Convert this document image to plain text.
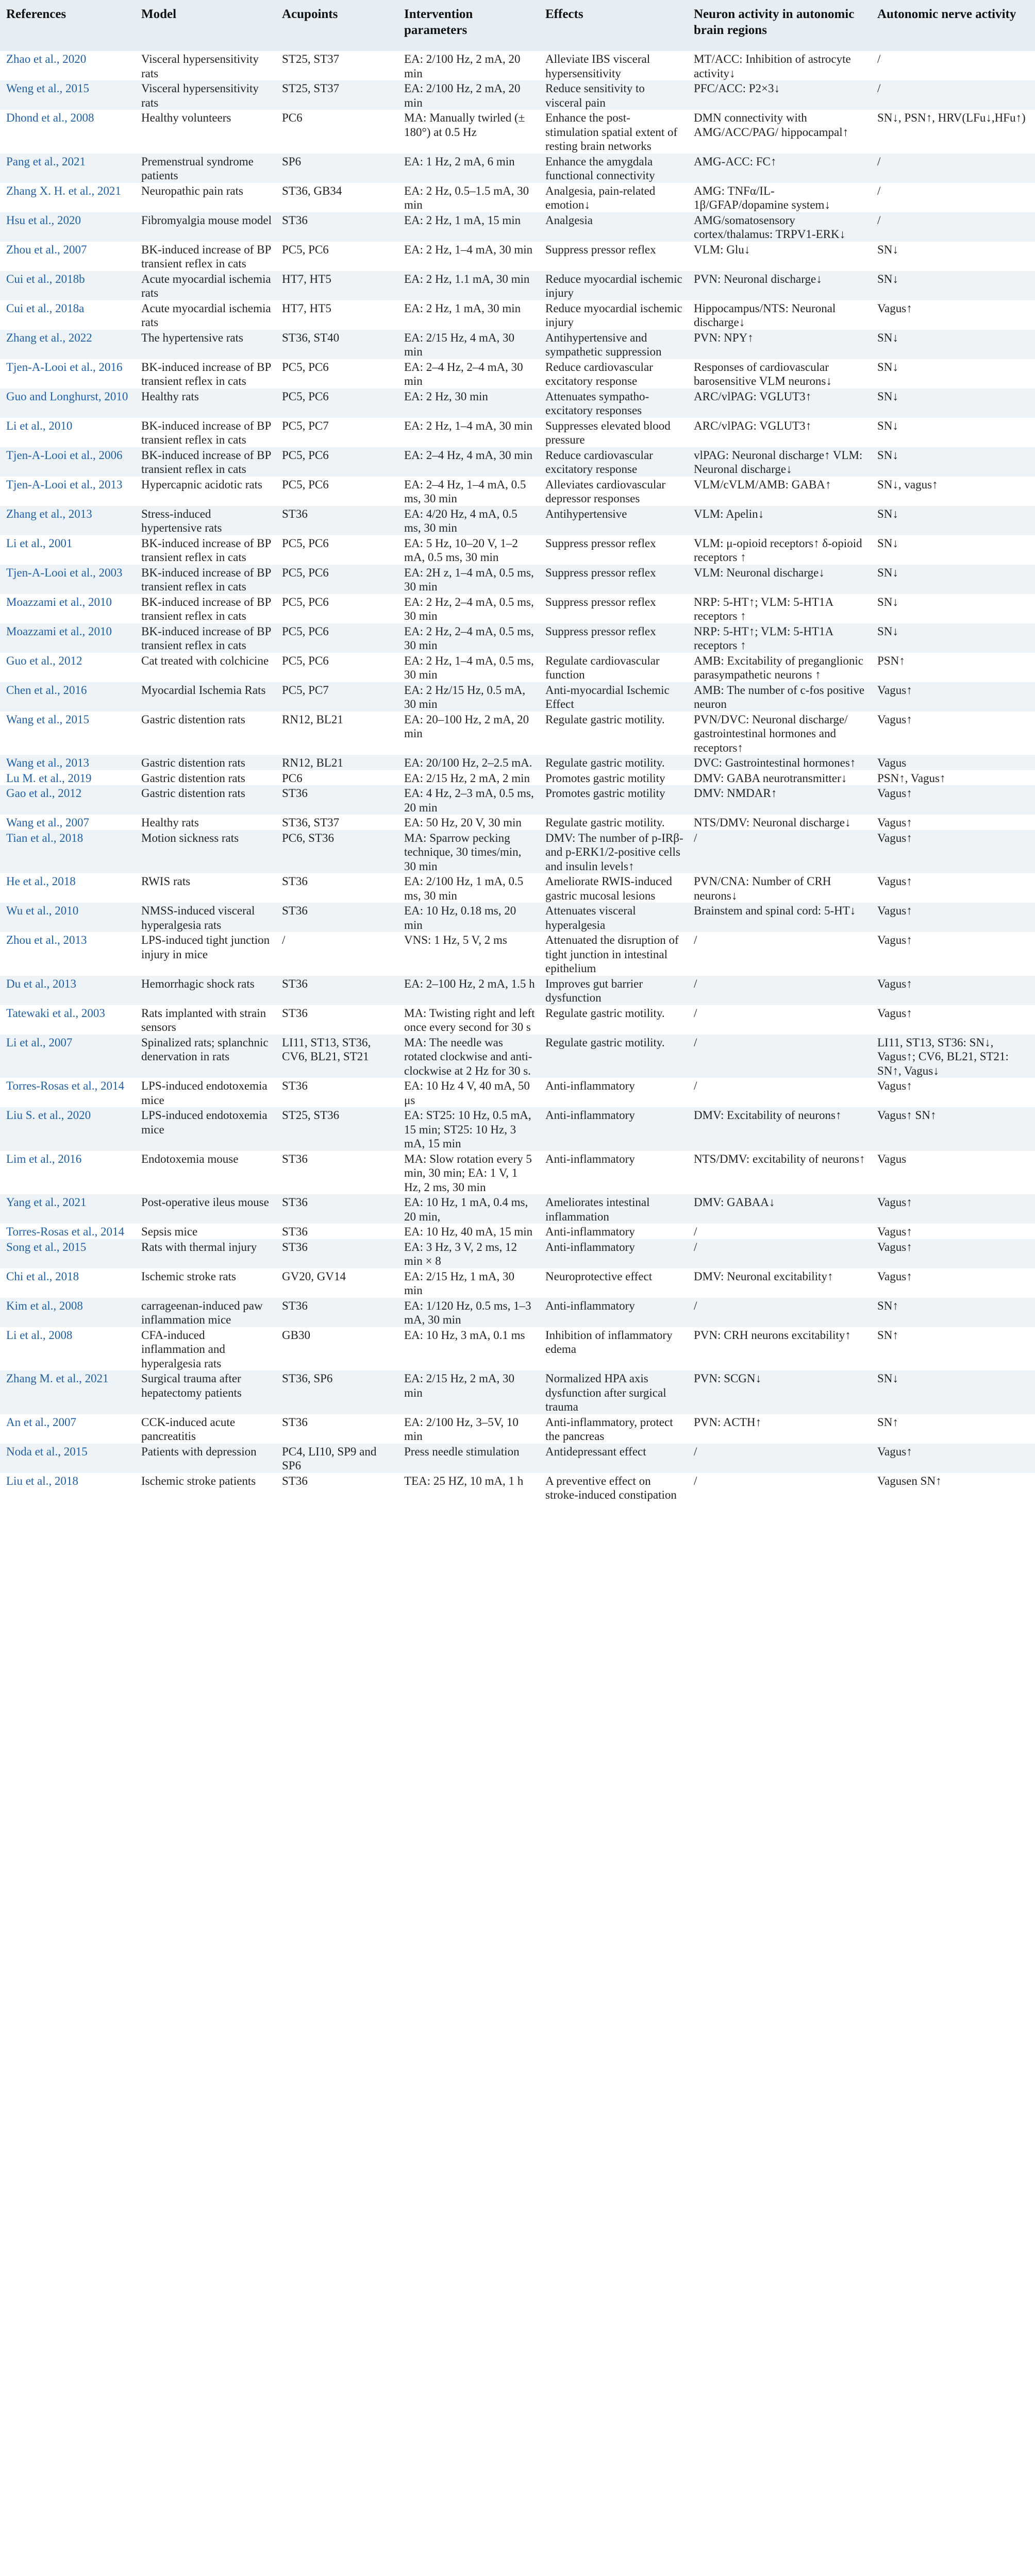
References	Model	Acupoints	Intervention parameters	Effects	Neuron activity in autonomic brain regions	Autonomic nerve activity
Zhao et al., 2020	Visceral hypersensitivity rats	ST25, ST37	EA: 2/100 Hz, 2 mA, 20 min	Alleviate IBS visceral hypersensitivity	MT/ACC: Inhibition of astrocyte activity↓	/
Weng et al., 2015	Visceral hypersensitivity rats	ST25, ST37	EA: 2/100 Hz, 2 mA, 20 min	Reduce sensitivity to visceral pain	PFC/ACC: P2×3↓	/
Dhond et al., 2008	Healthy volunteers	PC6	MA: Manually twirled (± 180°) at 0.5 Hz	Enhance the post-stimulation spatial extent of resting brain networks	DMN connectivity with AMG/ACC/PAG/ hippocampal↑	SN↓, PSN↑, HRV(LFu↓,HFu↑)
Pang et al., 2021	Premenstrual syndrome patients	SP6	EA: 1 Hz, 2 mA, 6 min	Enhance the amygdala functional connectivity	AMG-ACC: FC↑	/
Zhang X. H. et al., 2021	Neuropathic pain rats	ST36, GB34	EA: 2 Hz, 0.5–1.5 mA, 30 min	Analgesia, pain-related emotion↓	AMG: TNFα/IL-1β/GFAP/dopamine system↓	/
Hsu et al., 2020	Fibromyalgia mouse model	ST36	EA: 2 Hz, 1 mA, 15 min	Analgesia	AMG/somatosensory cortex/thalamus: TRPV1-ERK↓	/
Zhou et al., 2007	BK-induced increase of BP transient reflex in cats	PC5, PC6	EA: 2 Hz, 1–4 mA, 30 min	Suppress pressor reflex	VLM: Glu↓	SN↓
Cui et al., 2018b	Acute myocardial ischemia rats	HT7, HT5	EA: 2 Hz, 1.1 mA, 30 min	Reduce myocardial ischemic injury	PVN: Neuronal discharge↓	SN↓
Cui et al., 2018a	Acute myocardial ischemia rats	HT7, HT5	EA: 2 Hz, 1 mA, 30 min	Reduce myocardial ischemic injury	Hippocampus/NTS: Neuronal discharge↓	Vagus↑
Zhang et al., 2022	The hypertensive rats	ST36, ST40	EA: 2/15 Hz, 4 mA, 30 min	Antihypertensive and sympathetic suppression	PVN: NPY↑	SN↓
Tjen-A-Looi et al., 2016	BK-induced increase of BP transient reflex in cats	PC5, PC6	EA: 2–4 Hz, 2–4 mA, 30 min	Reduce cardiovascular excitatory response	Responses of cardiovascular barosensitive VLM neurons↓	SN↓
Guo and Longhurst, 2010	Healthy rats	PC5, PC6	EA: 2 Hz, 30 min	Attenuates sympatho-excitatory responses	ARC/vlPAG: VGLUT3↑	SN↓
Li et al., 2010	BK-induced increase of BP transient reflex in cats	PC5, PC7	EA: 2 Hz, 1–4 mA, 30 min	Suppresses elevated blood pressure	ARC/vlPAG: VGLUT3↑	SN↓
Tjen-A-Looi et al., 2006	BK-induced increase of BP transient reflex in cats	PC5, PC6	EA: 2–4 Hz, 4 mA, 30 min	Reduce cardiovascular excitatory response	vlPAG: Neuronal discharge↑ VLM: Neuronal discharge↓	SN↓
Tjen-A-Looi et al., 2013	Hypercapnic acidotic rats	PC5, PC6	EA: 2–4 Hz, 1–4 mA, 0.5 ms, 30 min	Alleviates cardiovascular depressor responses	VLM/cVLM/AMB: GABA↑	SN↓, vagus↑
Zhang et al., 2013	Stress-induced hypertensive rats	ST36	EA: 4/20 Hz, 4 mA, 0.5 ms, 30 min	Antihypertensive	VLM: Apelin↓	SN↓
Li et al., 2001	BK-induced increase of BP transient reflex in cats	PC5, PC6	EA: 5 Hz, 10–20 V, 1–2 mA, 0.5 ms, 30 min	Suppress pressor reflex	VLM: μ-opioid receptors↑ δ-opioid receptors ↑	SN↓
Tjen-A-Looi et al., 2003	BK-induced increase of BP transient reflex in cats	PC5, PC6	EA: 2H z, 1–4 mA, 0.5 ms, 30 min	Suppress pressor reflex	VLM: Neuronal discharge↓	SN↓
Moazzami et al., 2010	BK-induced increase of BP transient reflex in cats	PC5, PC6	EA: 2 Hz, 2–4 mA, 0.5 ms, 30 min	Suppress pressor reflex	NRP: 5-HT↑; VLM: 5-HT1A receptors ↑	SN↓
Moazzami et al., 2010	BK-induced increase of BP transient reflex in cats	PC5, PC6	EA: 2 Hz, 2–4 mA, 0.5 ms, 30 min	Suppress pressor reflex	NRP: 5-HT↑; VLM: 5-HT1A receptors ↑	SN↓
Guo et al., 2012	Cat treated with colchicine	PC5, PC6	EA: 2 Hz, 1–4 mA, 0.5 ms, 30 min	Regulate cardiovascular function	AMB: Excitability of preganglionic parasympathetic neurons ↑	PSN↑
Chen et al., 2016	Myocardial Ischemia Rats	PC5, PC7	EA: 2 Hz/15 Hz, 0.5 mA, 30 min	Anti-myocardial Ischemic Effect	AMB: The number of c-fos positive neuron	Vagus↑
Wang et al., 2015	Gastric distention rats	RN12, BL21	EA: 20–100 Hz, 2 mA, 20 min	Regulate gastric motility.	PVN/DVC: Neuronal discharge/ gastrointestinal hormones and receptors↑	Vagus↑
Wang et al., 2013	Gastric distention rats	RN12, BL21	EA: 20/100 Hz, 2–2.5 mA.	Regulate gastric motility.	DVC: Gastrointestinal hormones↑	Vagus
Lu M. et al., 2019	Gastric distention rats	PC6	EA: 2/15 Hz, 2 mA, 2 min	Promotes gastric motility	DMV: GABA neurotransmitter↓	PSN↑, Vagus↑
Gao et al., 2012	Gastric distention rats	ST36	EA: 4 Hz, 2–3 mA, 0.5 ms, 20 min	Promotes gastric motility	DMV: NMDAR↑	Vagus↑
Wang et al., 2007	Healthy rats	ST36, ST37	EA: 50 Hz, 20 V, 30 min	Regulate gastric motility.	NTS/DMV: Neuronal discharge↓	Vagus↑
Tian et al., 2018	Motion sickness rats	PC6, ST36	MA: Sparrow pecking technique, 30 times/min, 30 min	DMV: The number of p-IRβ- and p-ERK1/2-positive cells and insulin levels↑	/	Vagus↑
He et al., 2018	RWIS rats	ST36	EA: 2/100 Hz, 1 mA, 0.5 ms, 30 min	Ameliorate RWIS-induced gastric mucosal lesions	PVN/CNA: Number of CRH neurons↓	Vagus↑
Wu et al., 2010	NMSS-induced visceral hyperalgesia rats	ST36	EA: 10 Hz, 0.18 ms, 20 min	Attenuates visceral hyperalgesia	Brainstem and spinal cord: 5-HT↓	Vagus↑
Zhou et al., 2013	LPS-induced tight junction injury in mice	/	VNS: 1 Hz, 5 V, 2 ms	Attenuated the disruption of tight junction in intestinal epithelium	/	Vagus↑
Du et al., 2013	Hemorrhagic shock rats	ST36	EA: 2–100 Hz, 2 mA, 1.5 h	Improves gut barrier dysfunction	/	Vagus↑
Tatewaki et al., 2003	Rats implanted with strain sensors	ST36	MA: Twisting right and left once every second for 30 s	Regulate gastric motility.	/	Vagus↑
Li et al., 2007	Spinalized rats; splanchnic denervation in rats	LI11, ST13, ST36, CV6, BL21, ST21	MA: The needle was rotated clockwise and anti-clockwise at 2 Hz for 30 s.	Regulate gastric motility.	/	LI11, ST13, ST36: SN↓, Vagus↑; CV6, BL21, ST21: SN↑, Vagus↓
Torres-Rosas et al., 2014	LPS-induced endotoxemia mice	ST36	EA: 10 Hz 4 V, 40 mA, 50 μs	Anti-inflammatory	/	Vagus↑
Liu S. et al., 2020	LPS-induced endotoxemia mice	ST25, ST36	EA: ST25: 10 Hz, 0.5 mA, 15 min; ST25: 10 Hz, 3 mA, 15 min	Anti-inflammatory	DMV: Excitability of neurons↑	Vagus↑ SN↑
Lim et al., 2016	Endotoxemia mouse	ST36	MA: Slow rotation every 5 min, 30 min; EA: 1 V, 1 Hz, 2 ms, 30 min	Anti-inflammatory	NTS/DMV: excitability of neurons↑	Vagus
Yang et al., 2021	Post-operative ileus mouse	ST36	EA: 10 Hz, 1 mA, 0.4 ms, 20 min,	Ameliorates intestinal inflammation	DMV: GABAA↓	Vagus↑
Torres-Rosas et al., 2014	Sepsis mice	ST36	EA: 10 Hz, 40 mA, 15 min	Anti-inflammatory	/	Vagus↑
Song et al., 2015	Rats with thermal injury	ST36	EA: 3 Hz, 3 V, 2 ms, 12 min × 8	Anti-inflammatory	/	Vagus↑
Chi et al., 2018	Ischemic stroke rats	GV20, GV14	EA: 2/15 Hz, 1 mA, 30 min	Neuroprotective effect	DMV: Neuronal excitability↑	Vagus↑
Kim et al., 2008	carrageenan-induced paw inflammation mice	ST36	EA: 1/120 Hz, 0.5 ms, 1–3 mA, 30 min	Anti-inflammatory	/	SN↑
Li et al., 2008	CFA-induced inflammation and hyperalgesia rats	GB30	EA: 10 Hz, 3 mA, 0.1 ms	Inhibition of inflammatory edema	PVN: CRH neurons excitability↑	SN↑
Zhang M. et al., 2021	Surgical trauma after hepatectomy patients	ST36, SP6	EA: 2/15 Hz, 2 mA, 30 min	Normalized HPA axis dysfunction after surgical trauma	PVN: SCGN↓	SN↓
An et al., 2007	CCK-induced acute pancreatitis	ST36	EA: 2/100 Hz, 3–5V, 10 min	Anti-inflammatory, protect the pancreas	PVN: ACTH↑	SN↑
Noda et al., 2015	Patients with depression	PC4, LI10, SP9 and SP6	Press needle stimulation	Antidepressant effect	/	Vagus↑
Liu et al., 2018	Ischemic stroke patients	ST36	TEA: 25 HZ, 10 mA, 1 h	A preventive effect on stroke-induced constipation	/	Vagusen SN↑
